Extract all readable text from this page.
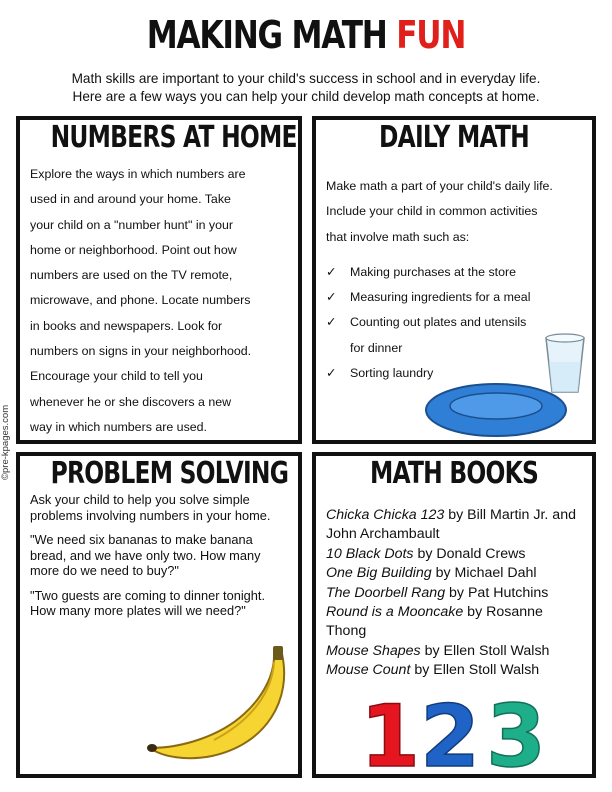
MAKING MATH FUN
Math skills are important to your child's success in school and in everyday life.
Here are a few ways you can help your child develop math concepts at home.
©pre-kpages.com
NUMBERS AT HOME
Explore the ways in which numbers are
used in and around your home. Take
your child on a "number hunt" in your
home or neighborhood. Point out how
numbers are used on the TV remote,
microwave, and phone. Locate numbers
in books and newspapers. Look for
numbers on signs in your neighborhood.
Encourage your child to tell you
whenever he or she discovers a new
way in which numbers are used.
DAILY MATH
Make math a part of your child's daily life.
Include your child in common activities
that involve math such as:
✓	Making purchases at the store
✓	Measuring ingredients for a meal
✓	Counting out plates and utensils
for dinner
✓	Sorting laundry
PROBLEM SOLVING

Ask your child to help you solve simple problems involving numbers in your home.

"We need six bananas to make banana bread, and we have only two. How many more do we need to buy?"

"Two guests are coming to dinner tonight. How many more plates will we need?"

MATH BOOKS

Chicka Chicka 123 by Bill Martin Jr. and John Archambault

10 Black Dots by Donald Crews

One Big Building by Michael Dahl

The Doorbell Rang by Pat Hutchins

Round is a Mooncake by Rosanne Thong

Mouse Shapes by Ellen Stoll Walsh

Mouse Count by Ellen Stoll Walsh

1 2 3
